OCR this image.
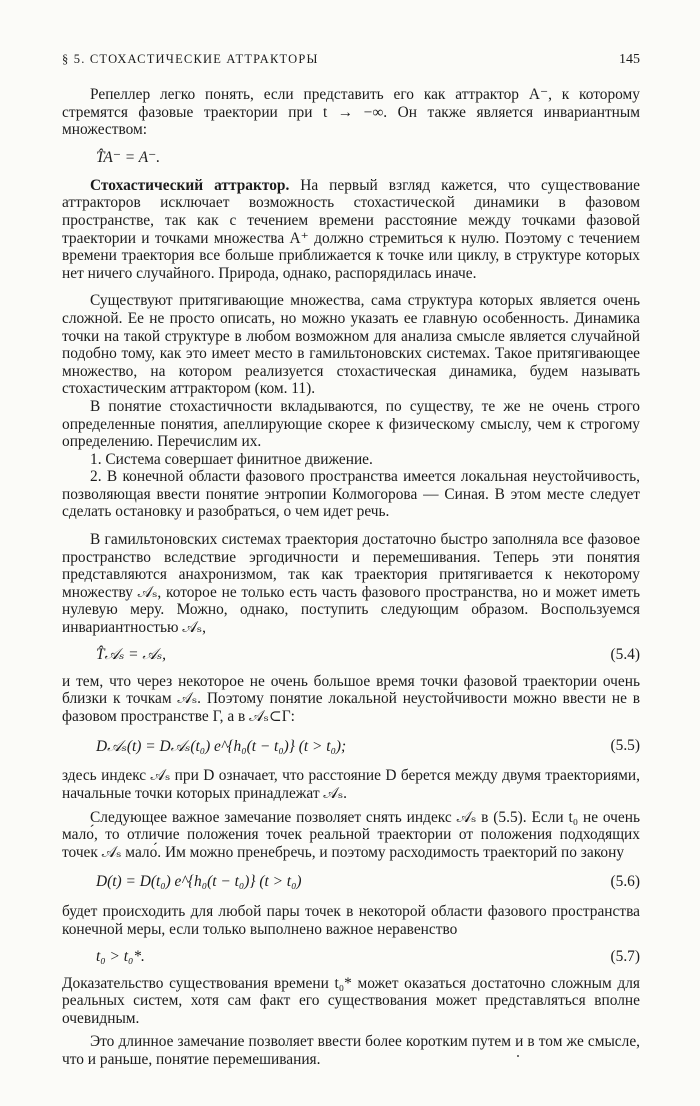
§ 5. СТОХАСТИЧЕСКИЕ АТТРАКТОРЫ	145

Репеллер легко понять, если представить его как аттрактор A⁻, к которому стремятся фазовые траектории при t → −∞. Он также является инвариантным множеством:

T̂A⁻ = A⁻.

Стохастический аттрактор. На первый взгляд кажется, что существование аттракторов исключает возможность стохастической динамики в фазовом пространстве, так как с течением времени расстояние между точками фазовой траектории и точками множества A⁺ должно стремиться к нулю. Поэтому с течением времени траектория все больше приближается к точке или циклу, в структуре которых нет ничего случайного. Природа, однако, распорядилась иначе.

Существуют притягивающие множества, сама структура которых является очень сложной. Ее не просто описать, но можно указать ее главную особенность. Динамика точки на такой структуре в любом возможном для анализа смысле является случайной подобно тому, как это имеет место в гамильтоновских системах. Такое притягивающее множество, на котором реализуется стохастическая динамика, будем называть стохастическим аттрактором (ком. 11).

В понятие стохастичности вкладываются, по существу, те же не очень строго определенные понятия, апеллирующие скорее к физическому смыслу, чем к строгому определению. Перечислим их.

1. Система совершает финитное движение.

2. В конечной области фазового пространства имеется локальная неустойчивость, позволяющая ввести понятие энтропии Колмогорова — Синая. В этом месте следует сделать остановку и разобраться, о чем идет речь.

В гамильтоновских системах траектория достаточно быстро заполняла все фазовое пространство вследствие эргодичности и перемешивания. Теперь эти понятия представляются анахронизмом, так как траектория притягивается к некоторому множеству 𝒜ₛ, которое не только есть часть фазового пространства, но и может иметь нулевую меру. Можно, однако, поступить следующим образом. Воспользуемся инвариантностью 𝒜ₛ,

T̂𝒜ₛ = 𝒜ₛ,	(5.4)

и тем, что через некоторое не очень большое время точки фазовой траектории очень близки к точкам 𝒜ₛ. Поэтому понятие локальной неустойчивости можно ввести не в фазовом пространстве Γ, а в 𝒜ₛ⊂Γ:

D𝒜ₛ(t) = D𝒜ₛ(t₀) e^{h₀(t − t₀)} (t > t₀);	(5.5)

здесь индекс 𝒜ₛ при D означает, что расстояние D берется между двумя траекториями, начальные точки которых принадлежат 𝒜ₛ.

Следующее важное замечание позволяет снять индекс 𝒜ₛ в (5.5). Если t₀ не очень мало́, то отличие положения точек реальной траектории от положения подходящих точек 𝒜ₛ мало́. Им можно пренебречь, и поэтому расходимость траекторий по закону

D(t) = D(t₀) e^{h₀(t − t₀)} (t > t₀)	(5.6)

будет происходить для любой пары точек в некоторой области фазового пространства конечной меры, если только выполнено важное неравенство

t₀ > t₀*.	(5.7)

Доказательство существования времени t₀* может оказаться достаточно сложным для реальных систем, хотя сам факт его существования может представляться вполне очевидным.

Это длинное замечание позволяет ввести более коротким путем и в том же смысле, что и раньше, понятие перемешивания.
